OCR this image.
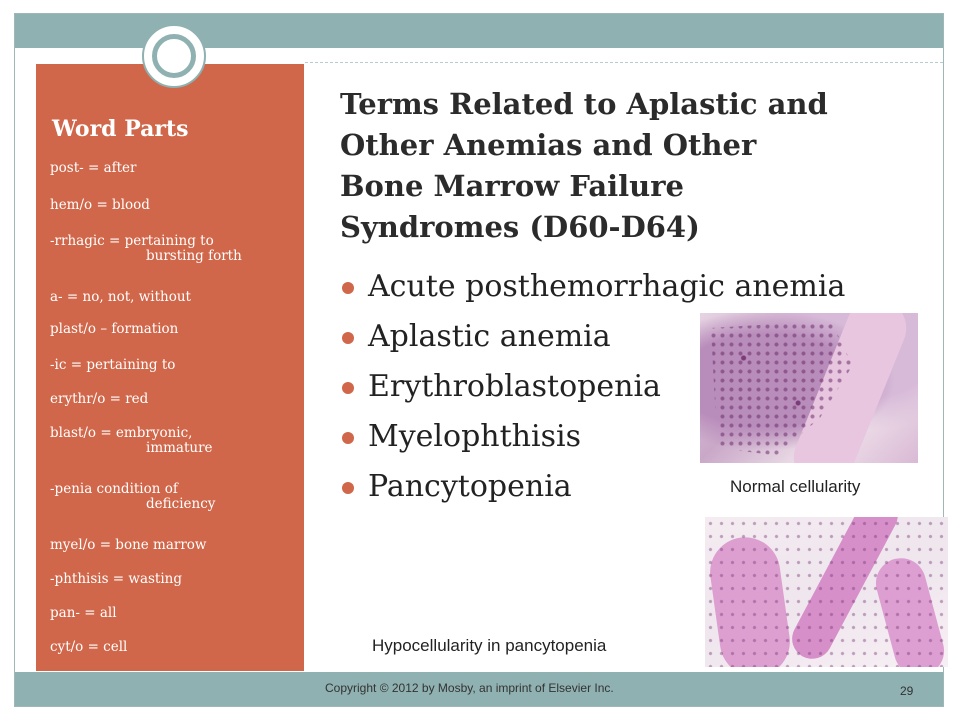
Word Parts
post- = after
hem/o = blood
-rrhagic = pertaining to
bursting forth
a- = no, not, without
plast/o – formation
-ic = pertaining to
erythr/o = red
blast/o = embryonic,
immature
-penia condition of
deficiency
myel/o = bone marrow
-phthisis = wasting
pan- = all
cyt/o = cell
Terms Related to Aplastic and
Other Anemias and Other
Bone Marrow Failure
Syndromes (D60-D64)
Acute posthemorrhagic anemia
Aplastic anemia
Erythroblastopenia
Myelophthisis
Pancytopenia	Normal cellularity
Hypocellularity in pancytopenia
Copyright © 2012 by Mosby, an imprint of Elsevier Inc.	29
